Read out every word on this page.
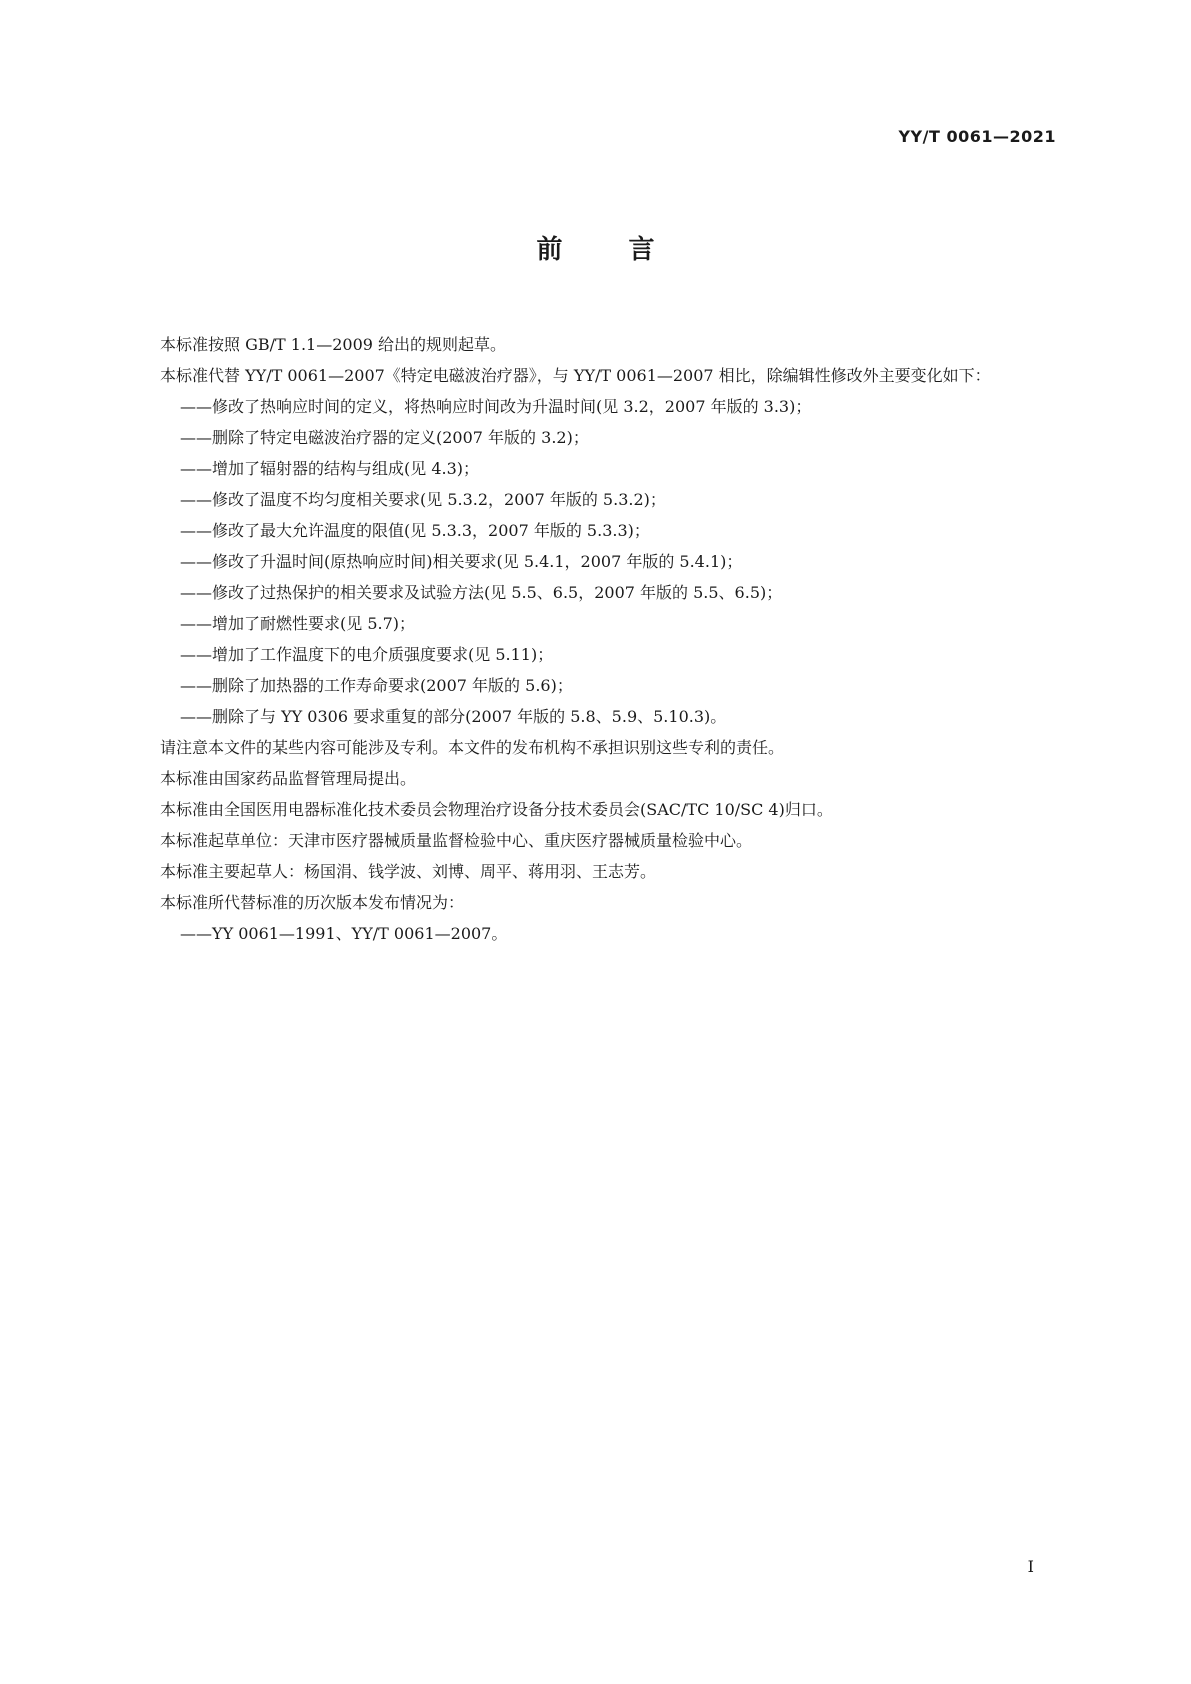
YY/T 0061—2021
前言

本标准按照 GB/T 1.1—2009 给出的规则起草。

本标准代替 YY/T 0061—2007《特定电磁波治疗器》，与 YY/T 0061—2007 相比，除编辑性修改外主要变化如下：

——修改了热响应时间的定义，将热响应时间改为升温时间(见 3.2，2007 年版的 3.3)；

——删除了特定电磁波治疗器的定义(2007 年版的 3.2)；

——增加了辐射器的结构与组成(见 4.3)；

——修改了温度不均匀度相关要求(见 5.3.2，2007 年版的 5.3.2)；

——修改了最大允许温度的限值(见 5.3.3，2007 年版的 5.3.3)；

——修改了升温时间(原热响应时间)相关要求(见 5.4.1，2007 年版的 5.4.1)；

——修改了过热保护的相关要求及试验方法(见 5.5、6.5，2007 年版的 5.5、6.5)；

——增加了耐燃性要求(见 5.7)；

——增加了工作温度下的电介质强度要求(见 5.11)；

——删除了加热器的工作寿命要求(2007 年版的 5.6)；

——删除了与 YY 0306 要求重复的部分(2007 年版的 5.8、5.9、5.10.3)。

请注意本文件的某些内容可能涉及专利。本文件的发布机构不承担识别这些专利的责任。

本标准由国家药品监督管理局提出。

本标准由全国医用电器标准化技术委员会物理治疗设备分技术委员会(SAC/TC 10/SC 4)归口。

本标准起草单位：天津市医疗器械质量监督检验中心、重庆医疗器械质量检验中心。

本标准主要起草人：杨国涓、钱学波、刘博、周平、蒋用羽、王志芳。

本标准所代替标准的历次版本发布情况为：

——YY 0061—1991、YY/T 0061—2007。

I
